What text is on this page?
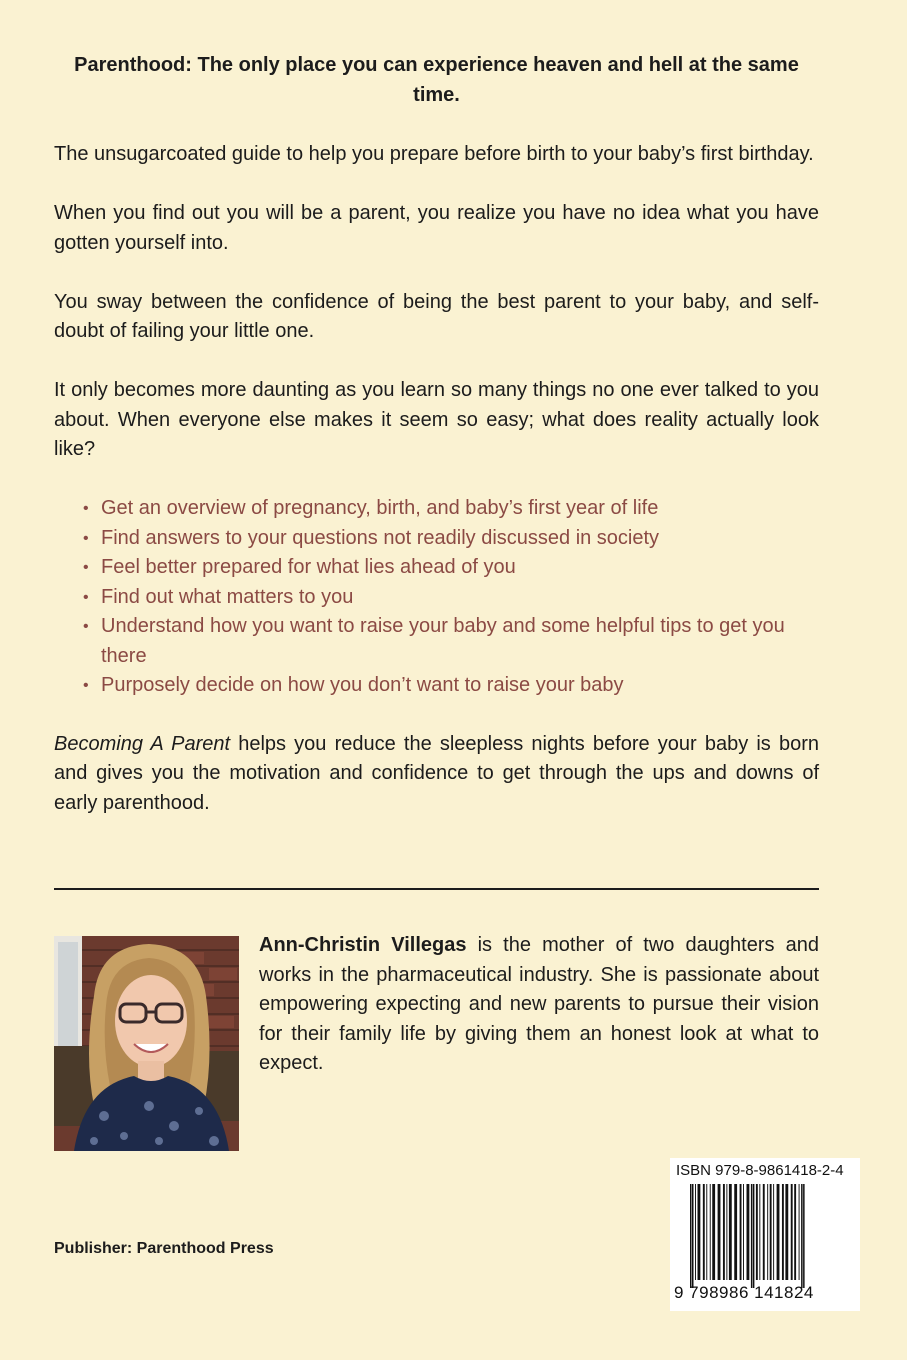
Parenthood: The only place you can experience heaven and hell at the same time.

The unsugarcoated guide to help you prepare before birth to your baby’s first birthday.

When you find out you will be a parent, you realize you have no idea what you have gotten yourself into.

You sway between the confidence of being the best parent to your baby, and self-doubt of failing your little one.

It only becomes more daunting as you learn so many things no one ever talked to you about. When everyone else makes it seem so easy; what does reality actually look like?

• Get an overview of pregnancy, birth, and baby’s first year of life
• Find answers to your questions not readily discussed in society
• Feel better prepared for what lies ahead of you
• Find out what matters to you
• Understand how you want to raise your baby and some helpful tips to get you there
• Purposely decide on how you don’t want to raise your baby

Becoming A Parent helps you reduce the sleepless nights before your baby is born and gives you the motivation and confidence to get through the ups and downs of early parenthood.

Ann-Christin Villegas is the mother of two daughters and works in the pharmaceutical industry. She is passionate about empowering expecting and new parents to pursue their vision for their family life by giving them an honest look at what to expect.
Publisher: Parenthood Press
ISBN 979-8-9861418-2-4
9 798986 141824
